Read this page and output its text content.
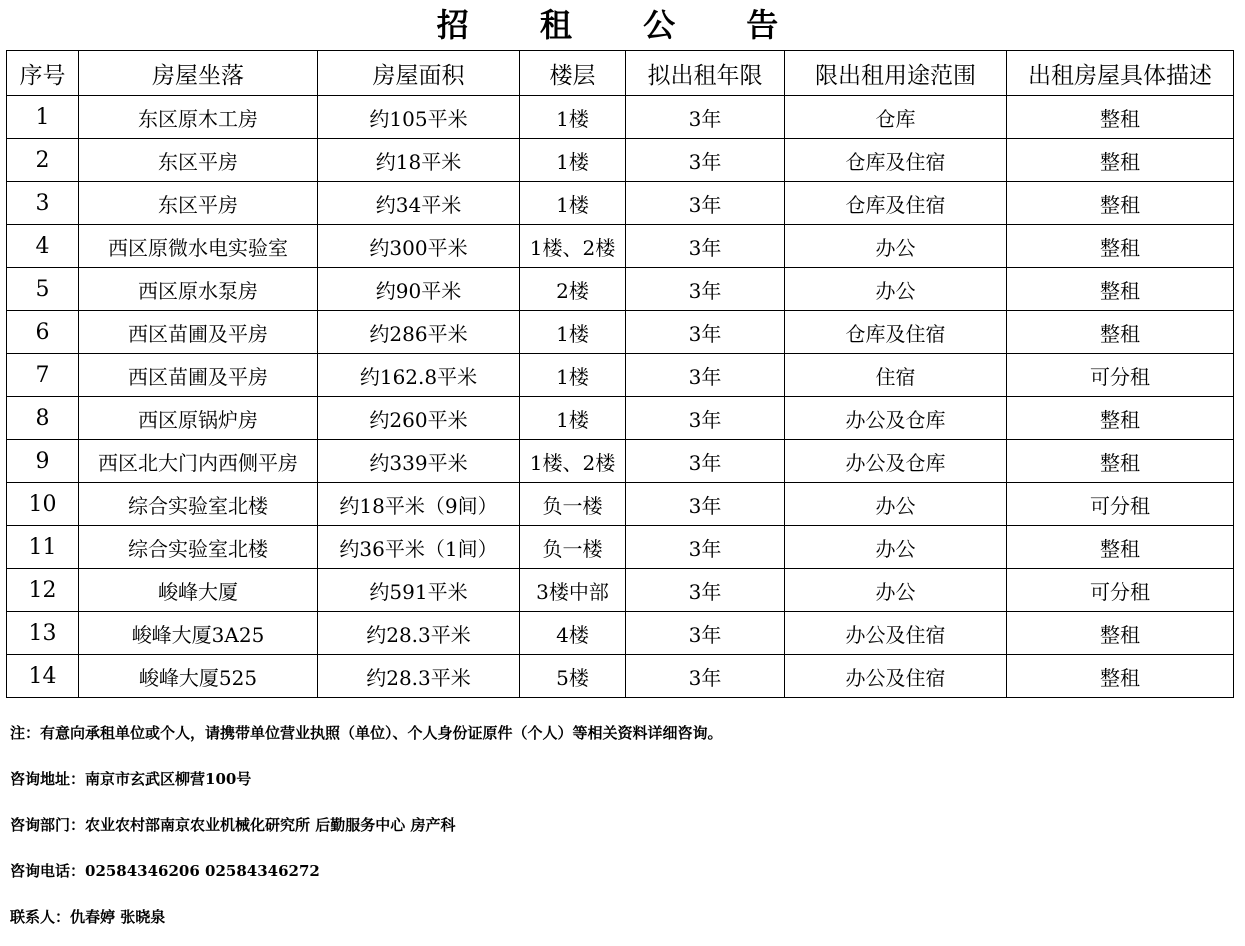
招 租 公 告
序号	房屋坐落	房屋面积	楼层	拟出租年限	限出租用途范围	出租房屋具体描述
1	东区原木工房	约105平米	1楼	3年	仓库	整租
2	东区平房	约18平米	1楼	3年	仓库及住宿	整租
3	东区平房	约34平米	1楼	3年	仓库及住宿	整租
4	西区原微水电实验室	约300平米	1楼、2楼	3年	办公	整租
5	西区原水泵房	约90平米	2楼	3年	办公	整租
6	西区苗圃及平房	约286平米	1楼	3年	仓库及住宿	整租
7	西区苗圃及平房	约162.8平米	1楼	3年	住宿	可分租
8	西区原锅炉房	约260平米	1楼	3年	办公及仓库	整租
9	西区北大门内西侧平房	约339平米	1楼、2楼	3年	办公及仓库	整租
10	综合实验室北楼	约18平米（9间）	负一楼	3年	办公	可分租
11	综合实验室北楼	约36平米（1间）	负一楼	3年	办公	整租
12	峻峰大厦	约591平米	3楼中部	3年	办公	可分租
13	峻峰大厦3A25	约28.3平米	4楼	3年	办公及住宿	整租
14	峻峰大厦525	约28.3平米	5楼	3年	办公及住宿	整租
注：有意向承租单位或个人，请携带单位营业执照（单位）、个人身份证原件（个人）等相关资料详细咨询。
咨询地址：南京市玄武区柳营100号
咨询部门：农业农村部南京农业机械化研究所 后勤服务中心 房产科
咨询电话：02584346206 02584346272
联系人：仇春婷 张晓泉
